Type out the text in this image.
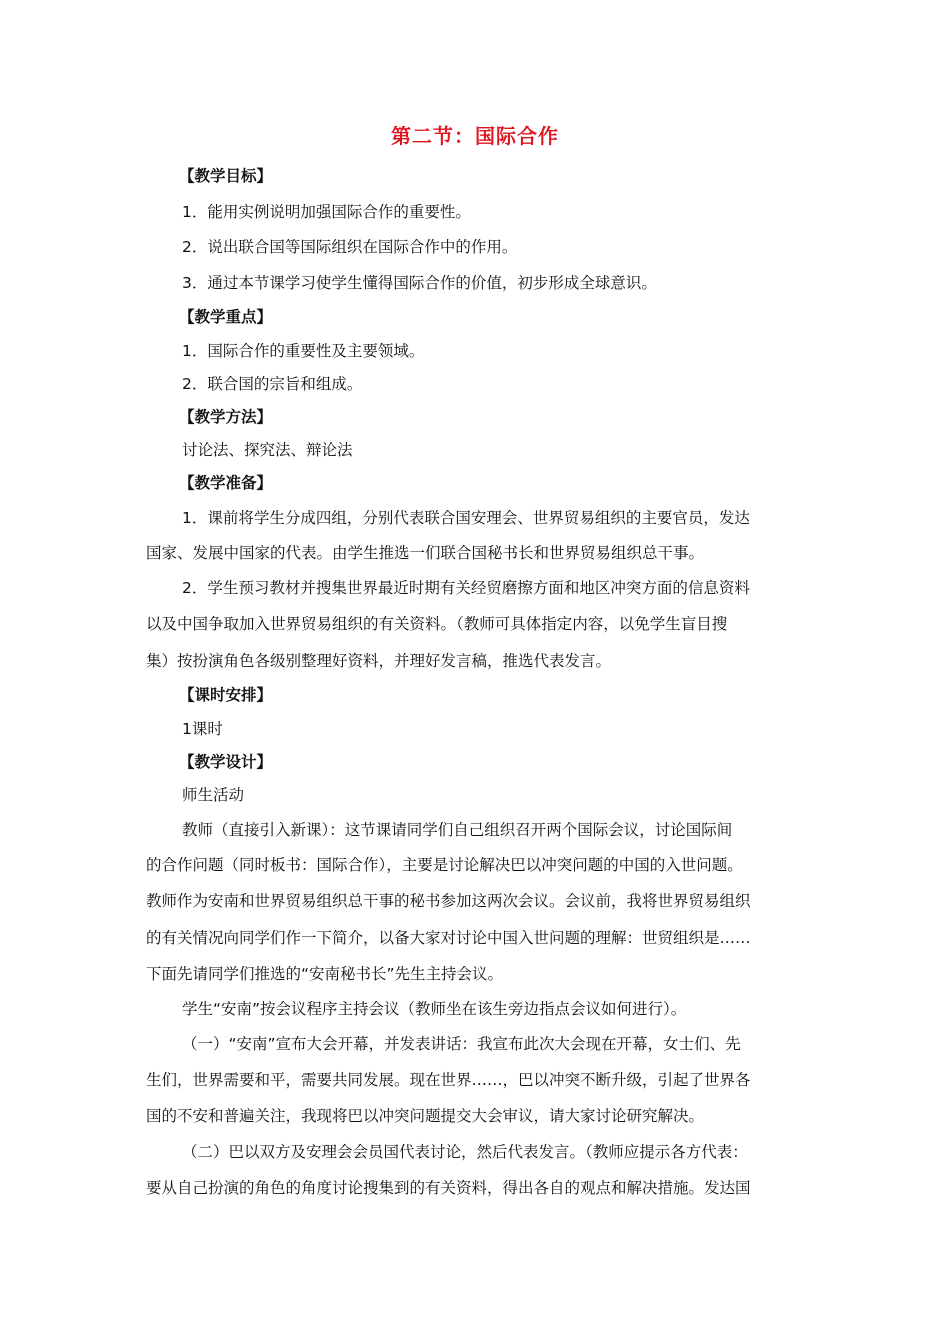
第二节：国际合作

【教学目标】

1．能用实例说明加强国际合作的重要性。

2．说出联合国等国际组织在国际合作中的作用。

3．通过本节课学习使学生懂得国际合作的价值，初步形成全球意识。

【教学重点】

1．国际合作的重要性及主要领域。

2．联合国的宗旨和组成。

【教学方法】

讨论法、探究法、辩论法

【教学准备】

1．课前将学生分成四组，分别代表联合国安理会、世界贸易组织的主要官员，发达

国家、发展中国家的代表。由学生推选一们联合国秘书长和世界贸易组织总干事。

2．学生预习教材并搜集世界最近时期有关经贸磨擦方面和地区冲突方面的信息资料

以及中国争取加入世界贸易组织的有关资料。（教师可具体指定内容，以免学生盲目搜

集）按扮演角色各级别整理好资料，并理好发言稿，推选代表发言。

【课时安排】

1课时

【教学设计】

师生活动

教师（直接引入新课）：这节课请同学们自己组织召开两个国际会议，讨论国际间

的合作问题（同时板书：国际合作），主要是讨论解决巴以冲突问题的中国的入世问题。

教师作为安南和世界贸易组织总干事的秘书参加这两次会议。会议前，我将世界贸易组织

的有关情况向同学们作一下简介，以备大家对讨论中国入世问题的理解：世贸组织是……

下面先请同学们推选的“安南秘书长”先生主持会议。

学生“安南”按会议程序主持会议（教师坐在该生旁边指点会议如何进行）。

（一）“安南”宣布大会开幕，并发表讲话：我宣布此次大会现在开幕，女士们、先

生们，世界需要和平，需要共同发展。现在世界……，巴以冲突不断升级，引起了世界各

国的不安和普遍关注，我现将巴以冲突问题提交大会审议，请大家讨论研究解决。

（二）巴以双方及安理会会员国代表讨论，然后代表发言。（教师应提示各方代表：

要从自己扮演的角色的角度讨论搜集到的有关资料，得出各自的观点和解决措施。发达国
